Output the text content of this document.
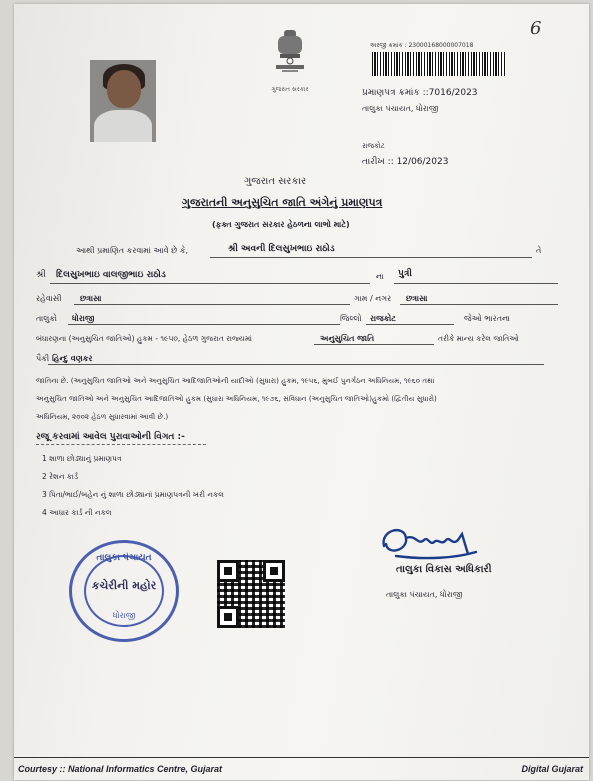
6
ગુજરાત સરકાર
અરજી ક્રમાંક : 23000168000007018
પ્રમાણપત્ર ક્રમાંક ::7016/2023
તાલુકા પંચાયત, ધોરાજી
રાજકોટ
તારીખ :: 12/06/2023
ગુજરાત સરકાર
ગુજરાતની અનુસુચિત જાતિ અંગેનું પ્રમાણપત્ર
(ફક્ત ગુજરાત સરકાર હેઠળના લાભો માટે)
આથી પ્રમાણિત કરવામાં આવે છે કે,	શ્રી અવની દિલસુખભાઇ રાઠોડ	તે
શ્રી દિલસુખભાઇ વાલજીભાઇ રાઠોડ	ના પુત્રી
રહેવાસી છત્રાસા	ગામ / નગર છત્રાસા
તાલુકો ધોરાજી	જિલ્લો રાજકોટ	જેઓ ભારતના
બંધારણના (અનુસુચિત જાતિઓ) હુકમ - ૧૯૫૦, હેઠળ ગુજરાત રાજ્યમાં	અનુસુચિત જાતિ	તરીકે માન્ય કરેલ જાતિઓ
પૈકી હિન્દુ વણકર
જાતિના છે. (અનુસુચિત જાતિઓ અને અનુસુચિત આદિજાતિઓની યાદીઓ (સુધારા) હુકમ, ૧૯૫૬, મુંબઈ પુનર્ગઠન અધિનિયમ, ૧૯૬૦ તથા
અનુસુચિત જાતિઓ અને અનુસુચિત આદિજાતિઓ હુકમ (સુધારા અધિનિયમ, ૧૯૭૬, સંવિધાન (અનુસુચિત જાતિઓ)હુકમો (દ્વિતીય સુધારો)
અધિનિયમ, ૨૦૦૨ હેઠળ સુધારવામાં આવી છે.)
રજૂ કરવામાં આવેલ પુરાવાઓની વિગત :-
1 શાળા છોડ્યાનું પ્રમાણપત્ર
2 રેશન કાર્ડ
3 પિતા/ભાઈ/બહેન નું શાળા છોડ્યાનાં પ્રમાણપત્રની ખરી નકલ
4 આધાર કાર્ડ ની નકલ
તાલુકા પંચાયત
કચેરીની મહોર
ધોરાજી
તાલુકા વિકાસ અધિકારી
તાલુકા પંચાયત, ધોરાજી
Courtesy :: National Informatics Centre, Gujarat	Digital Gujarat
